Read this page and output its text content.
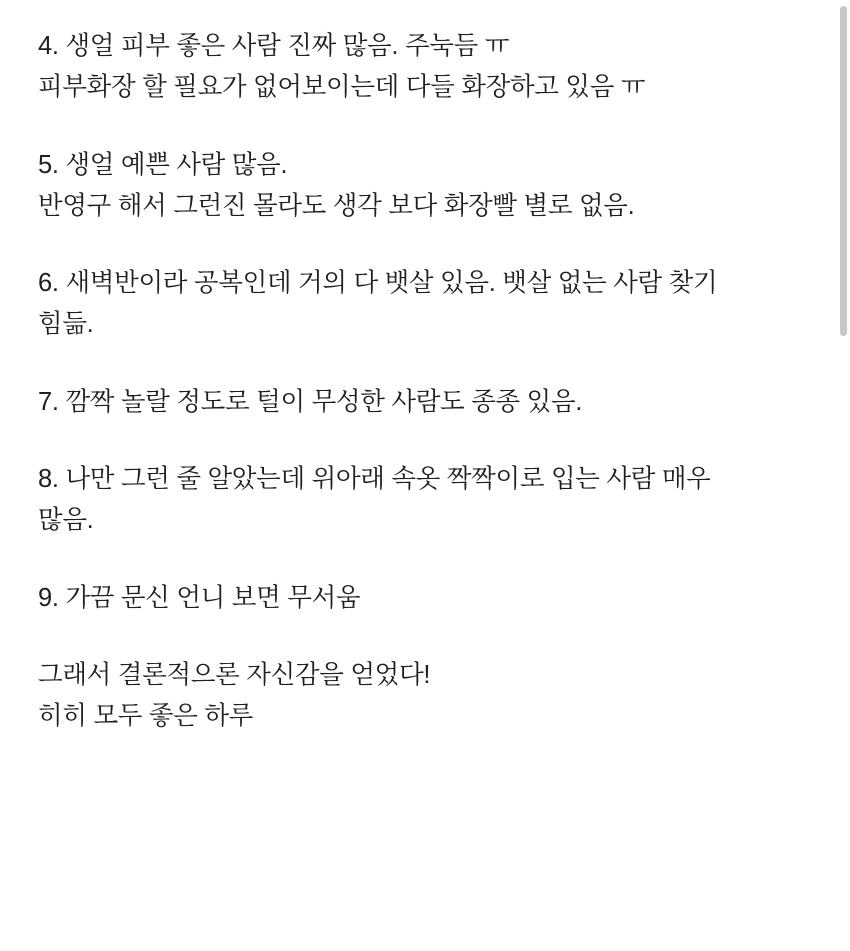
4. 생얼 피부 좋은 사람 진짜 많음. 주눅듬 ㅠ
피부화장 할 필요가 없어보이는데 다들 화장하고 있음 ㅠ

5. 생얼 예쁜 사람 많음.
반영구 해서 그런진 몰라도 생각 보다 화장빨 별로 없음.

6. 새벽반이라 공복인데 거의 다 뱃살 있음. 뱃살 없는 사람 찾기
힘듦.

7. 깜짝 놀랄 정도로 털이 무성한 사람도 종종 있음.

8. 나만 그런 줄 알았는데 위아래 속옷 짝짝이로 입는 사람 매우
많음.

9. 가끔 문신 언니 보면 무서움

그래서 결론적으론 자신감을 얻었다!
히히 모두 좋은 하루
